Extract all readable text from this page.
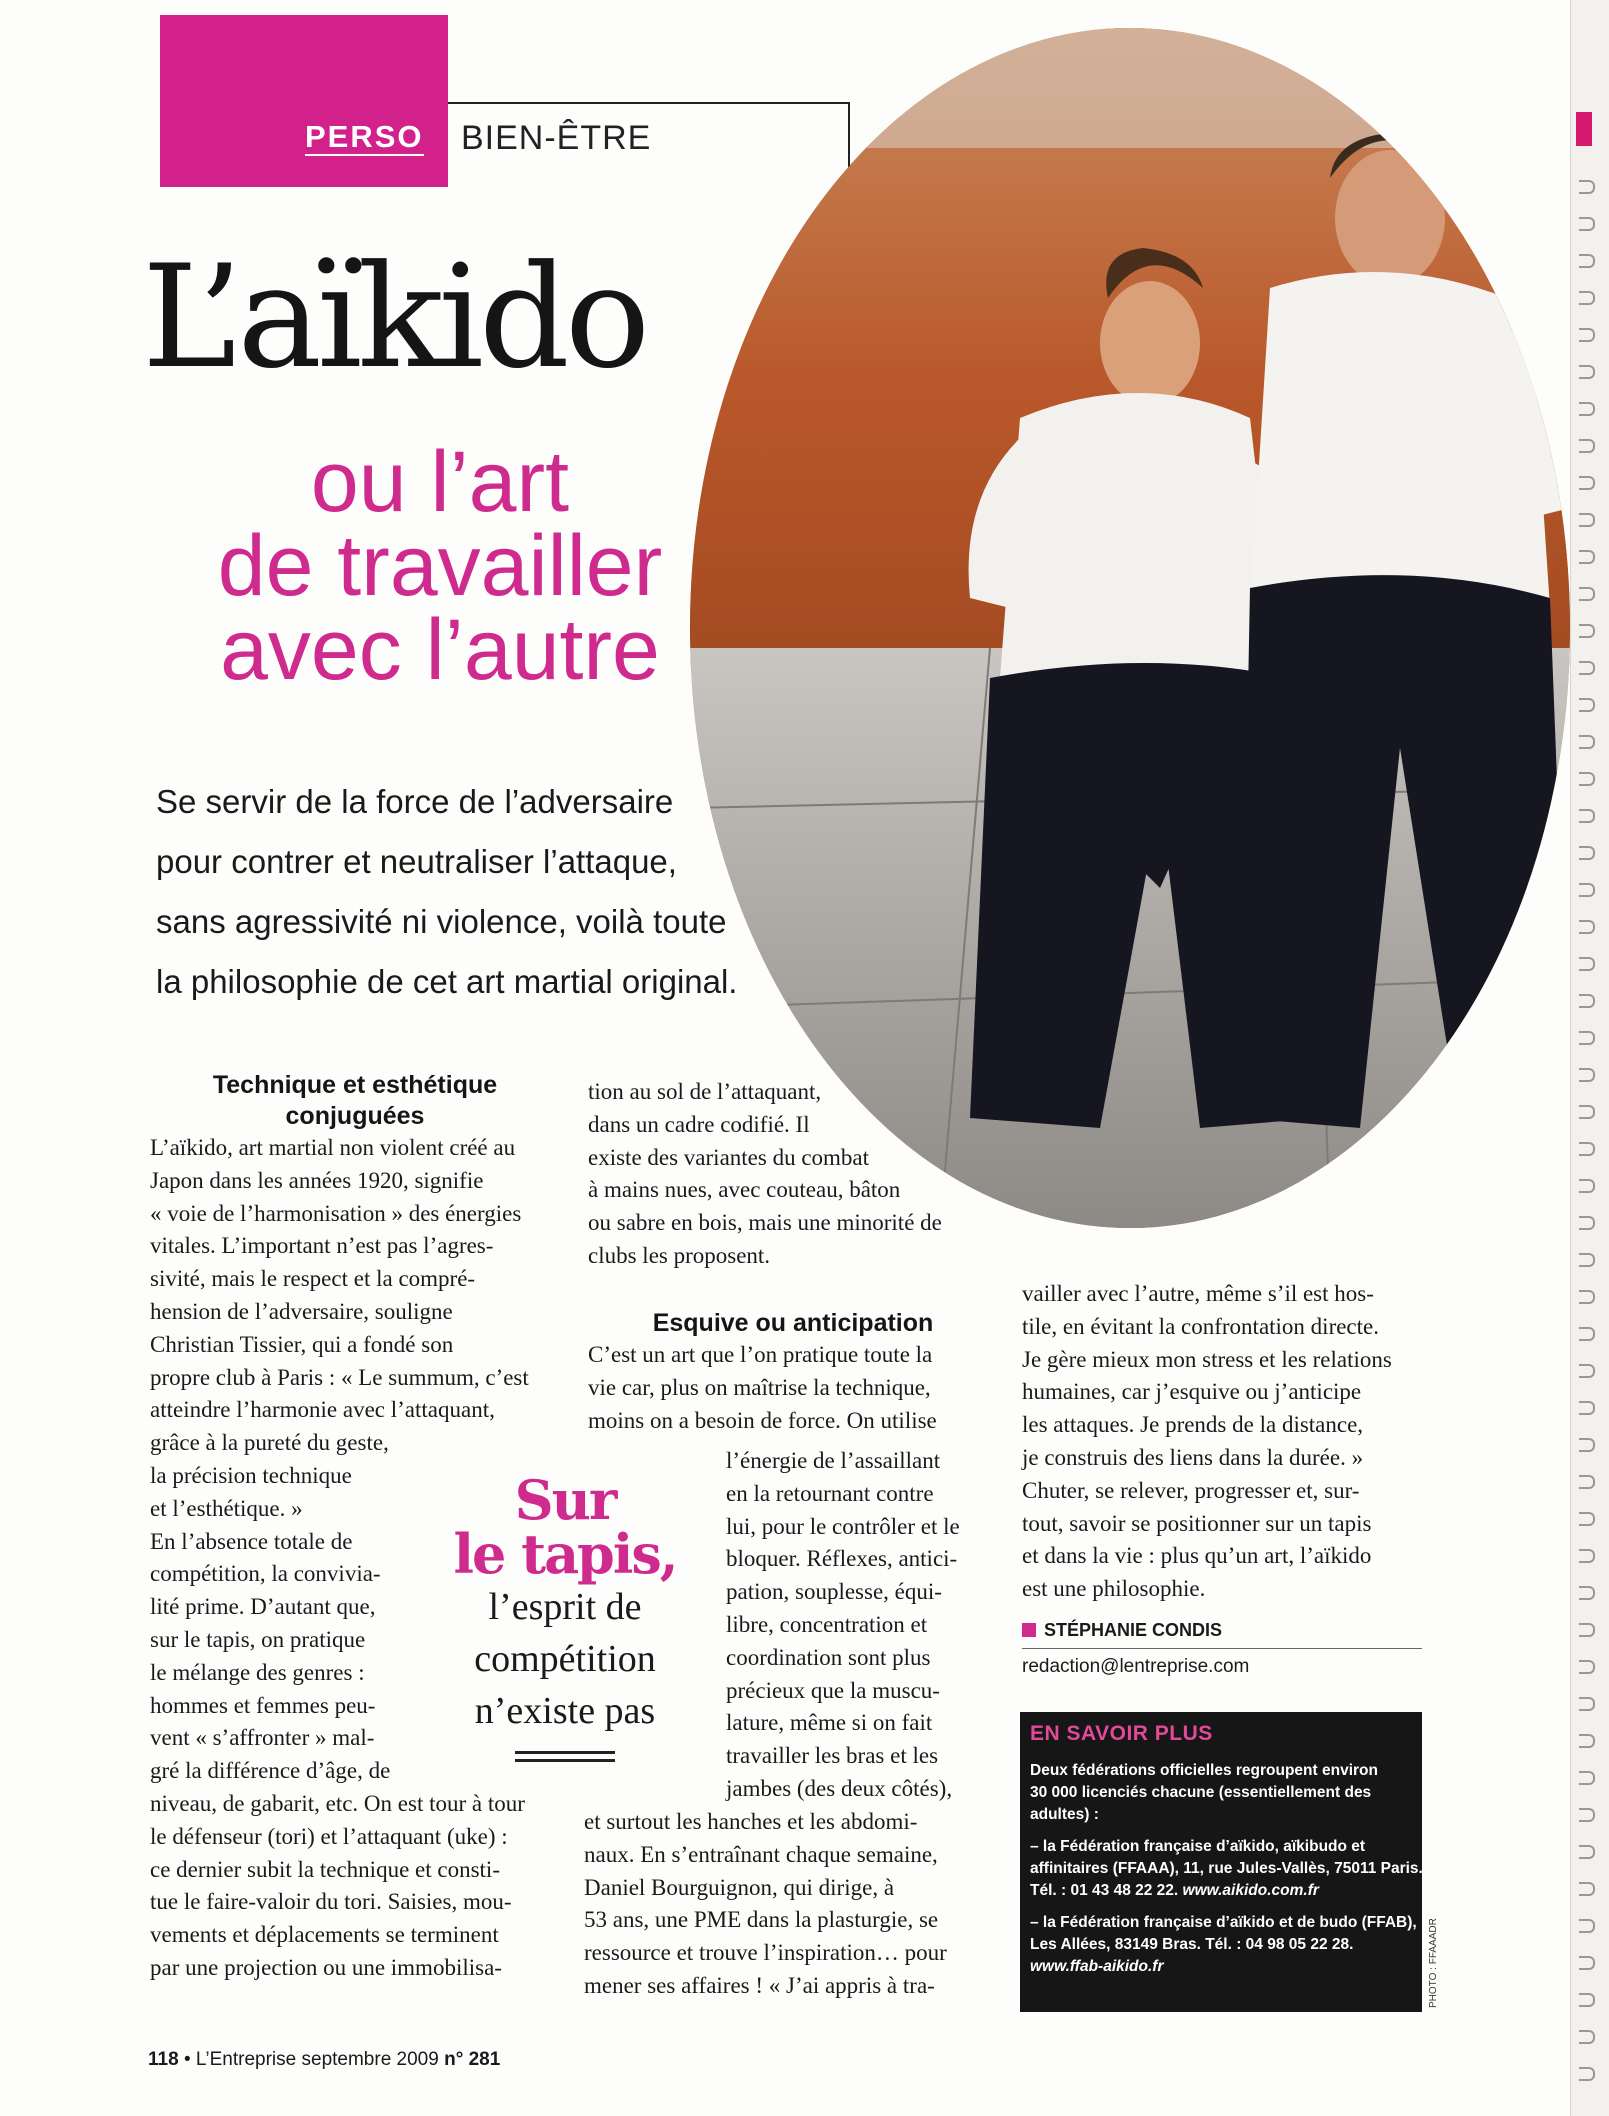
PERSO BIEN-ÊTRE
L’aïkido
ou l’art
de travailler
avec l’autre
Se servir de la force de l’adversaire
pour contrer et neutraliser l’attaque,
sans agressivité ni violence, voilà toute
la philosophie de cet art martial original.
Technique et esthétique
conjuguées
L’aïkido, art martial non violent créé au
Japon dans les années 1920, signifie
« voie de l’harmonisation » des énergies
vitales. L’important n’est pas l’agres-
sivité, mais le respect et la compré-
hension de l’adversaire, souligne
Christian Tissier, qui a fondé son
propre club à Paris : « Le summum, c’est
atteindre l’harmonie avec l’attaquant,
grâce à la pureté du geste,
la précision technique
et l’esthétique. »
En l’absence totale de
compétition, la convivia-
lité prime. D’autant que,
sur le tapis, on pratique
le mélange des genres :
hommes et femmes peu-
vent « s’affronter » mal-
gré la différence d’âge, de
niveau, de gabarit, etc. On est tour à tour
le défenseur (tori) et l’attaquant (uke) :
ce dernier subit la technique et consti-
tue le faire-valoir du tori. Saisies, mou-
vements et déplacements se terminent
par une projection ou une immobilisa-
Sur
le tapis,
l’esprit de
compétition
n’existe pas
tion au sol de l’attaquant,
dans un cadre codifié. Il
existe des variantes du combat
à mains nues, avec couteau, bâton
ou sabre en bois, mais une minorité de
clubs les proposent.
Esquive ou anticipation
C’est un art que l’on pratique toute la
vie car, plus on maîtrise la technique,
moins on a besoin de force. On utilise
l’énergie de l’assaillant
en la retournant contre
lui, pour le contrôler et le
bloquer. Réflexes, antici-
pation, souplesse, équi-
libre, concentration et
coordination sont plus
précieux que la muscu-
lature, même si on fait
travailler les bras et les
jambes (des deux côtés),
et surtout les hanches et les abdomi-
naux. En s’entraînant chaque semaine,
Daniel Bourguignon, qui dirige, à
53 ans, une PME dans la plasturgie, se
ressource et trouve l’inspiration… pour
mener ses affaires ! « J’ai appris à tra-
vailler avec l’autre, même s’il est hos-
tile, en évitant la confrontation directe.
Je gère mieux mon stress et les relations
humaines, car j’esquive ou j’anticipe
les attaques. Je prends de la distance,
je construis des liens dans la durée. »
Chuter, se relever, progresser et, sur-
tout, savoir se positionner sur un tapis
et dans la vie : plus qu’un art, l’aïkido
est une philosophie.
STÉPHANIE CONDIS
redaction@lentreprise.com
EN SAVOIR PLUS
Deux fédérations officielles regroupent environ
30 000 licenciés chacune (essentiellement des
adultes) :
– la Fédération française d’aïkido, aïkibudo et
affinitaires (FFAAA), 11, rue Jules-Vallès, 75011 Paris.
Tél. : 01 43 48 22 22. www.aikido.com.fr
– la Fédération française d’aïkido et de budo (FFAB),
Les Allées, 83149 Bras. Tél. : 04 98 05 22 28.
www.ffab-aikido.fr	PHOTO : FFAAADR
118 • L’Entreprise septembre 2009 n° 281
